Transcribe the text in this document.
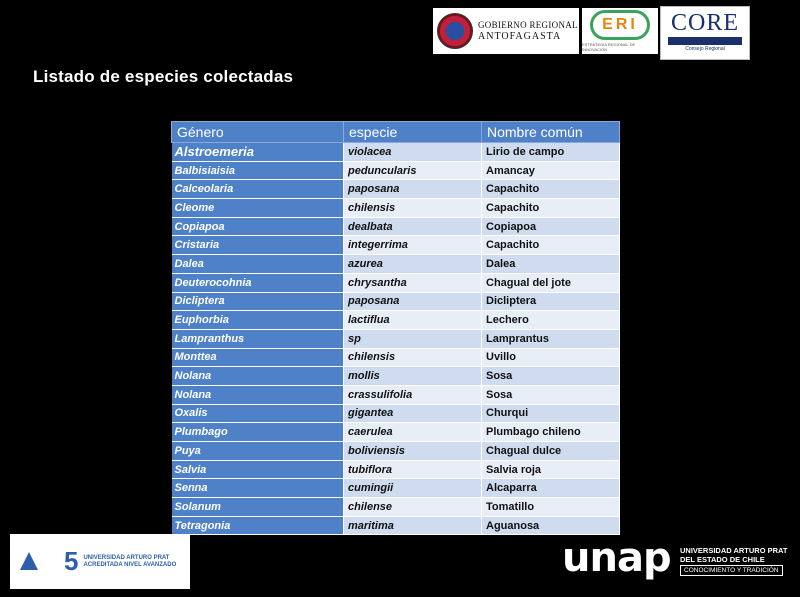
GOBIERNO REGIONAL
ANTOFAGASTA
ERI
ESTRATEGIA REGIONAL DE INNOVACION
CORE
Consejo Regional
Listado de especies colectadas
Género	especie	Nombre común
Alstroemeria	violacea	Lirio de campo
Balbisiaisia	peduncularis	Amancay
Calceolaria	paposana	Capachito
Cleome	chilensis	Capachito
Copiapoa	dealbata	Copiapoa
Cristaria	integerrima	Capachito
Dalea	azurea	Dalea
Deuterocohnia	chrysantha	Chagual del jote
Dicliptera	paposana	Dicliptera
Euphorbia	lactiflua	Lechero
Lampranthus	sp	Lamprantus
Monttea	chilensis	Uvillo
Nolana	mollis	Sosa
Nolana	crassulifolia	Sosa
Oxalis	gigantea	Churqui
Plumbago	caerulea	Plumbago chileno
Puya	boliviensis	Chagual dulce
Salvia	tubiflora	Salvia roja
Senna	cumingii	Alcaparra
Solanum	chilense	Tomatillo
Tetragonia	maritima	Aguanosa
5 UNIVERSIDAD ARTURO PRAT
ACREDITADA NIVEL AVANZADO	unap UNIVERSIDAD ARTURO PRAT
DEL ESTADO DE CHILE
CONOCIMIENTO Y TRADICIÓN
